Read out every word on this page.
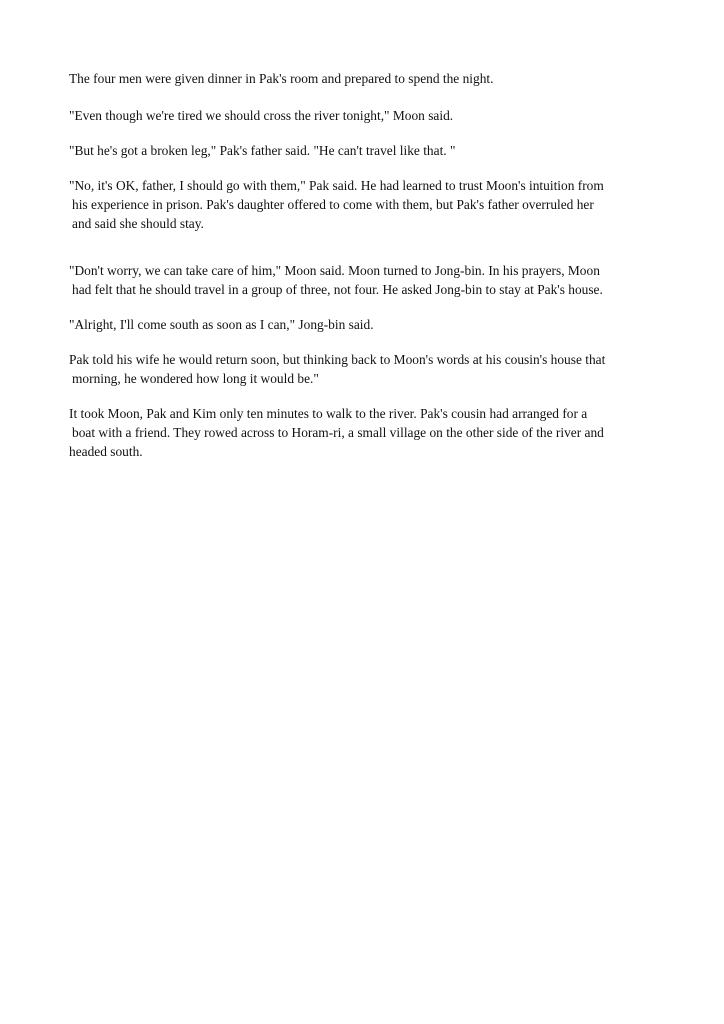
The four men were given dinner in Pak's room and prepared to spend the night.

"Even though we're tired we should cross the river tonight," Moon said.

"But he's got a broken leg," Pak's father said. "He can't travel like that. "

"No, it's OK, father, I should go with them," Pak said. He had learned to trust Moon's intuition from
his experience in prison. Pak's daughter offered to come with them, but Pak's father overruled her
and said she should stay.

"Don't worry, we can take care of him," Moon said. Moon turned to Jong-bin. In his prayers, Moon
had felt that he should travel in a group of three, not four. He asked Jong-bin to stay at Pak's house.

"Alright, I'll come south as soon as I can," Jong-bin said.

Pak told his wife he would return soon, but thinking back to Moon's words at his cousin's house that
morning, he wondered how long it would be."

It took Moon, Pak and Kim only ten minutes to walk to the river. Pak's cousin had arranged for a
boat with a friend. They rowed across to Horam-ri, a small village on the other side of the river and
headed south.
